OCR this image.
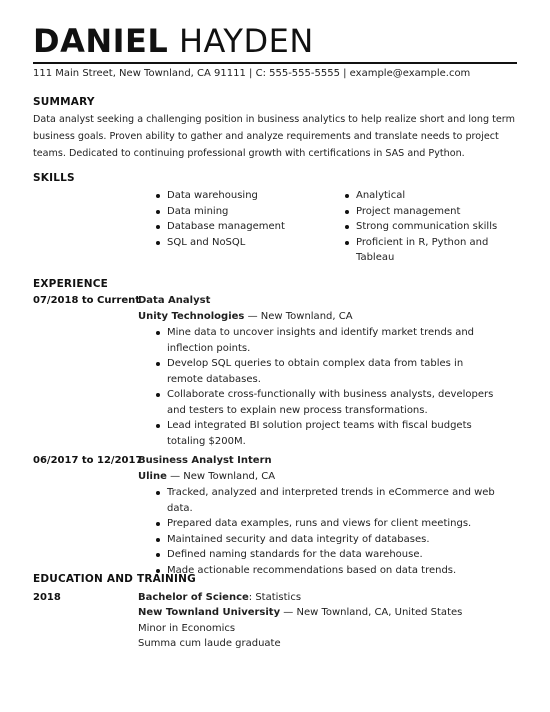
DANIEL HAYDEN
111 Main Street, New Townland, CA 91111 | C: 555-555-5555 | example@example.com
SUMMARY
Data analyst seeking a challenging position in business analytics to help realize short and long term business goals. Proven ability to gather and analyze requirements and translate needs to project teams. Dedicated to continuing professional growth with certifications in SAS and Python.
SKILLS
Data warehousing
Data mining
Database management
SQL and NoSQL
Analytical
Project management
Strong communication skills
Proficient in R, Python and Tableau
EXPERIENCE
07/2018 to Current
Data Analyst
Unity Technologies — New Townland, CA
Mine data to uncover insights and identify market trends and inflection points.
Develop SQL queries to obtain complex data from tables in remote databases.
Collaborate cross-functionally with business analysts, developers and testers to explain new process transformations.
Lead integrated BI solution project teams with fiscal budgets totaling $200M.
06/2017 to 12/2017
Business Analyst Intern
Uline — New Townland, CA
Tracked, analyzed and interpreted trends in eCommerce and web data.
Prepared data examples, runs and views for client meetings.
Maintained security and data integrity of databases.
Defined naming standards for the data warehouse.
Made actionable recommendations based on data trends.
EDUCATION AND TRAINING
2018	Bachelor of Science: Statistics
New Townland University — New Townland, CA, United States
Minor in Economics
Summa cum laude graduate
